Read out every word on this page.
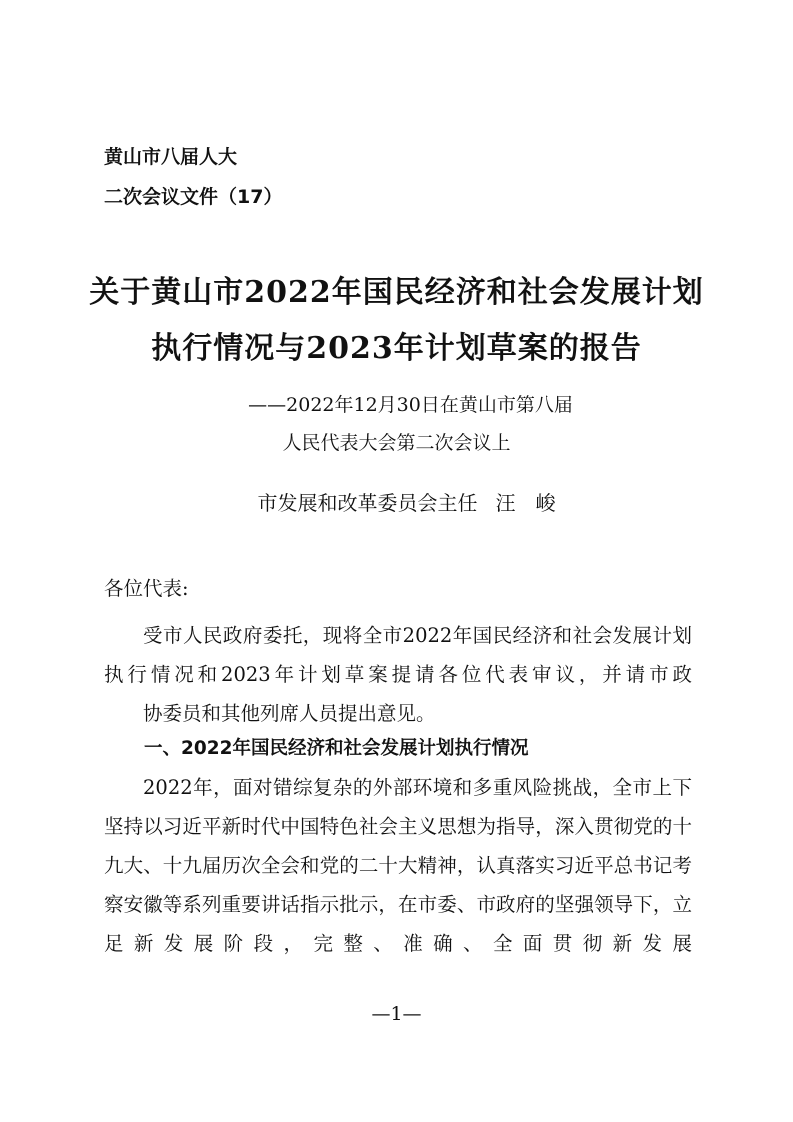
黄山市八届人大

二次会议文件（17）

关于黄山市2022年国民经济和社会发展计划
执行情况与2023年计划草案的报告

——2022年12月30日在黄山市第八届

人民代表大会第二次会议上

市发展和改革委员会主任 汪峻

各位代表:

受市人民政府委托，现将全市2022年国民经济和社会发展计划执行情况和2023年计划草案提请各位代表审议，并请市政
协委员和其他列席人员提出意见。
一、2022年国民经济和社会发展计划执行情况
2022年，面对错综复杂的外部环境和多重风险挑战，全市上下坚持以习近平新时代中国特色社会主义思想为指导，深入贯彻党的十九大、十九届历次全会和党的二十大精神，认真落实习近平总书记考察安徽等系列重要讲话指示批示，在市委、市政府的坚强领导下，立足新发展阶段，完整、准确、全面贯彻新发展

—1—
